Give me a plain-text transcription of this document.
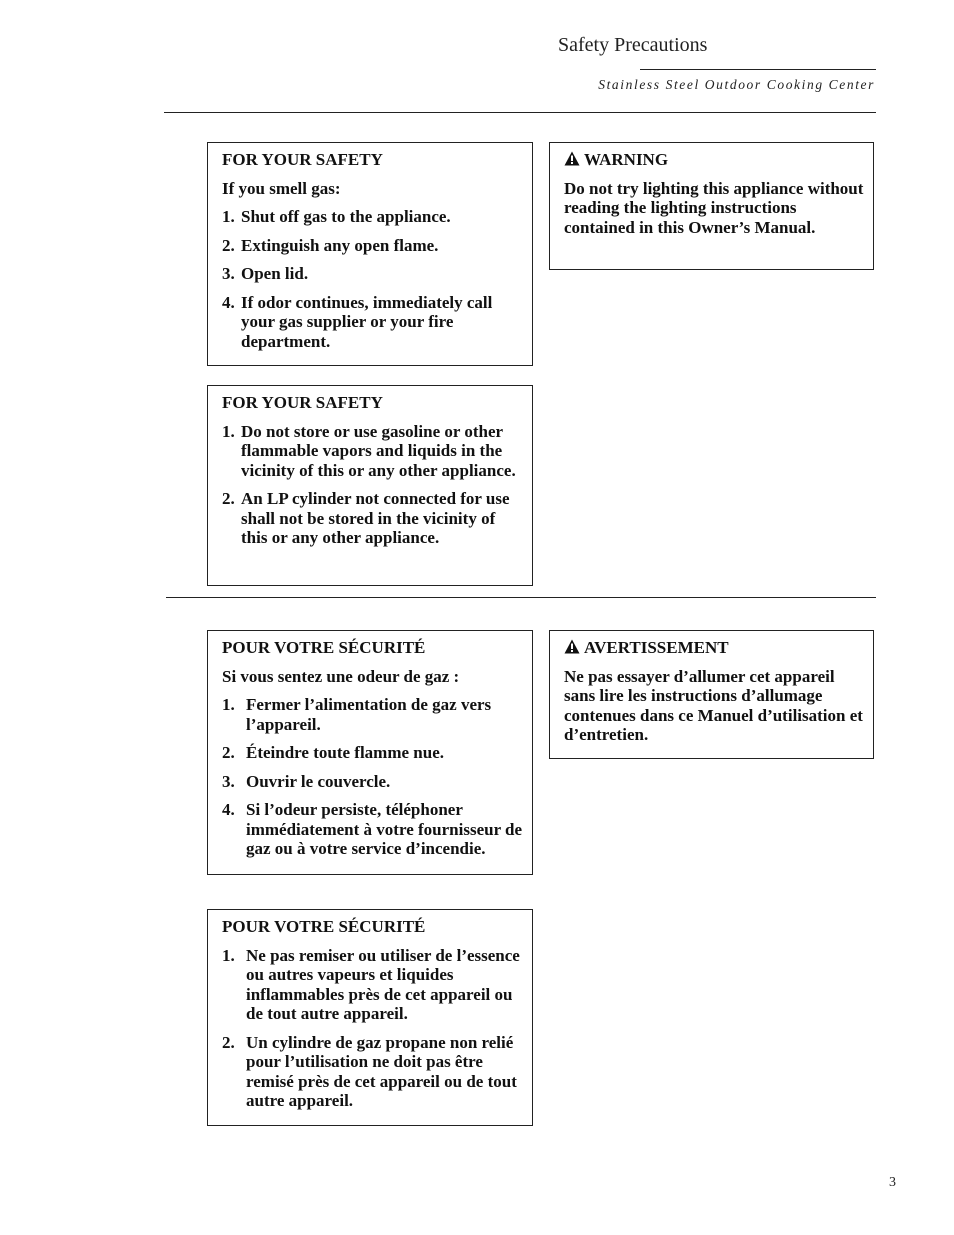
Safety Precautions
Stainless Steel Outdoor Cooking Center
FOR YOUR SAFETY
If you smell gas:
1. Shut off gas to the appliance.
2. Extinguish any open flame.
3. Open lid.
4. If odor continues, immediately call your gas supplier or your fire department.
WARNING
Do not try lighting this appliance without reading the lighting instructions contained in this Owner’s Manual.
FOR YOUR SAFETY
1. Do not store or use gasoline or other flammable vapors and liquids in the vicinity of this or any other appliance.
2. An LP cylinder not connected for use shall not be stored in the vicinity of this or any other appliance.
POUR VOTRE SÉCURITÉ
Si vous sentez une odeur de gaz :
1. Fermer l’alimentation de gaz vers l’appareil.
2. Éteindre toute flamme nue.
3. Ouvrir le couvercle.
4. Si l’odeur persiste, téléphoner immédiatement à votre fournisseur de gaz ou à votre service d’incendie.
AVERTISSEMENT
Ne pas essayer d’allumer cet appareil sans lire les instructions d’allumage contenues dans ce Manuel d’utilisation et d’entretien.
POUR VOTRE SÉCURITÉ
1. Ne pas remiser ou utiliser de l’essence ou autres vapeurs et liquides inflammables près de cet appareil ou de tout autre appareil.
2. Un cylindre de gaz propane non relié pour l’utilisation ne doit pas être remisé près de cet appareil ou de tout autre appareil.
3
